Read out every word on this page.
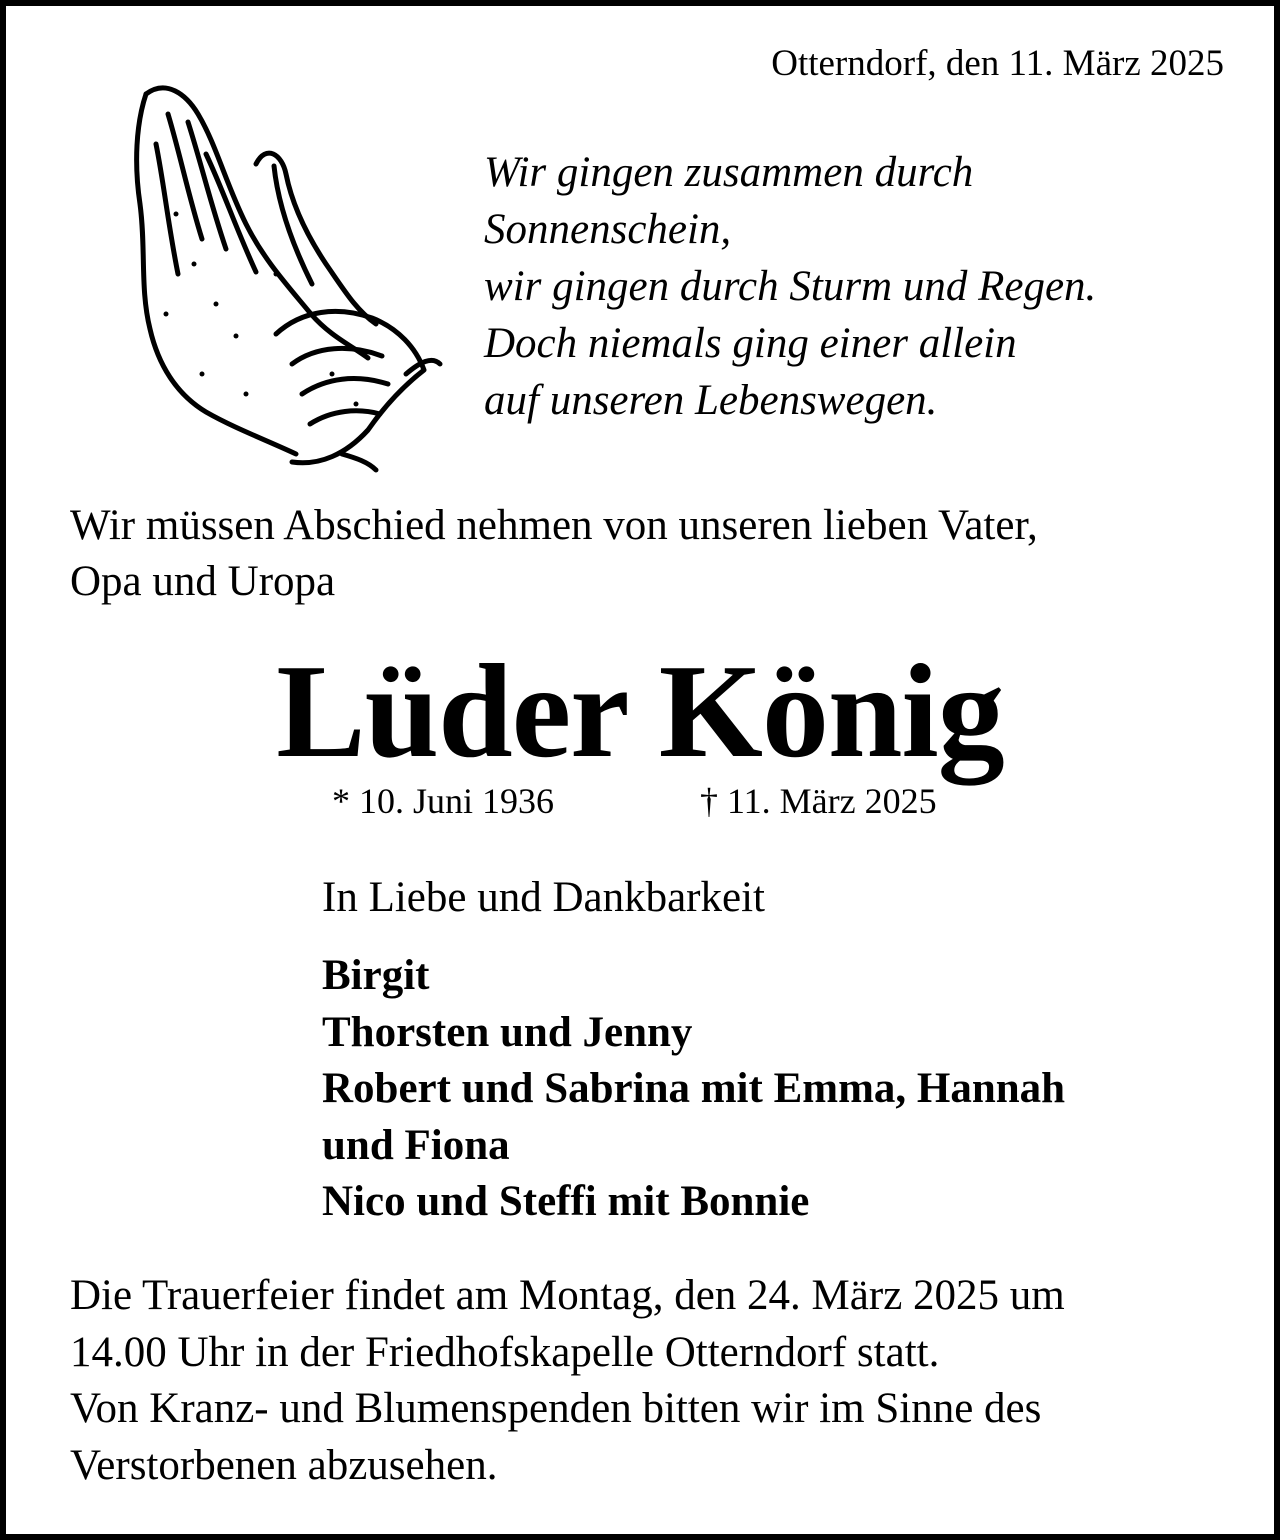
Otterndorf, den 11. März 2025

Wir gingen zusammen durch
Sonnenschein,
wir gingen durch Sturm und Regen.
Doch niemals ging einer allein
auf unseren Lebenswegen.
Wir müssen Abschied nehmen von unseren lieben Vater,
Opa und Uropa
Lüder König
* 10. Juni 1936	† 11. März 2025
In Liebe und Dankbarkeit
Birgit
Thorsten und Jenny
Robert und Sabrina mit Emma, Hannah
und Fiona
Nico und Steffi mit Bonnie
Die Trauerfeier findet am Montag, den 24. März 2025 um
14.00 Uhr in der Friedhofskapelle Otterndorf statt.
Von Kranz- und Blumenspenden bitten wir im Sinne des
Verstorbenen abzusehen.
